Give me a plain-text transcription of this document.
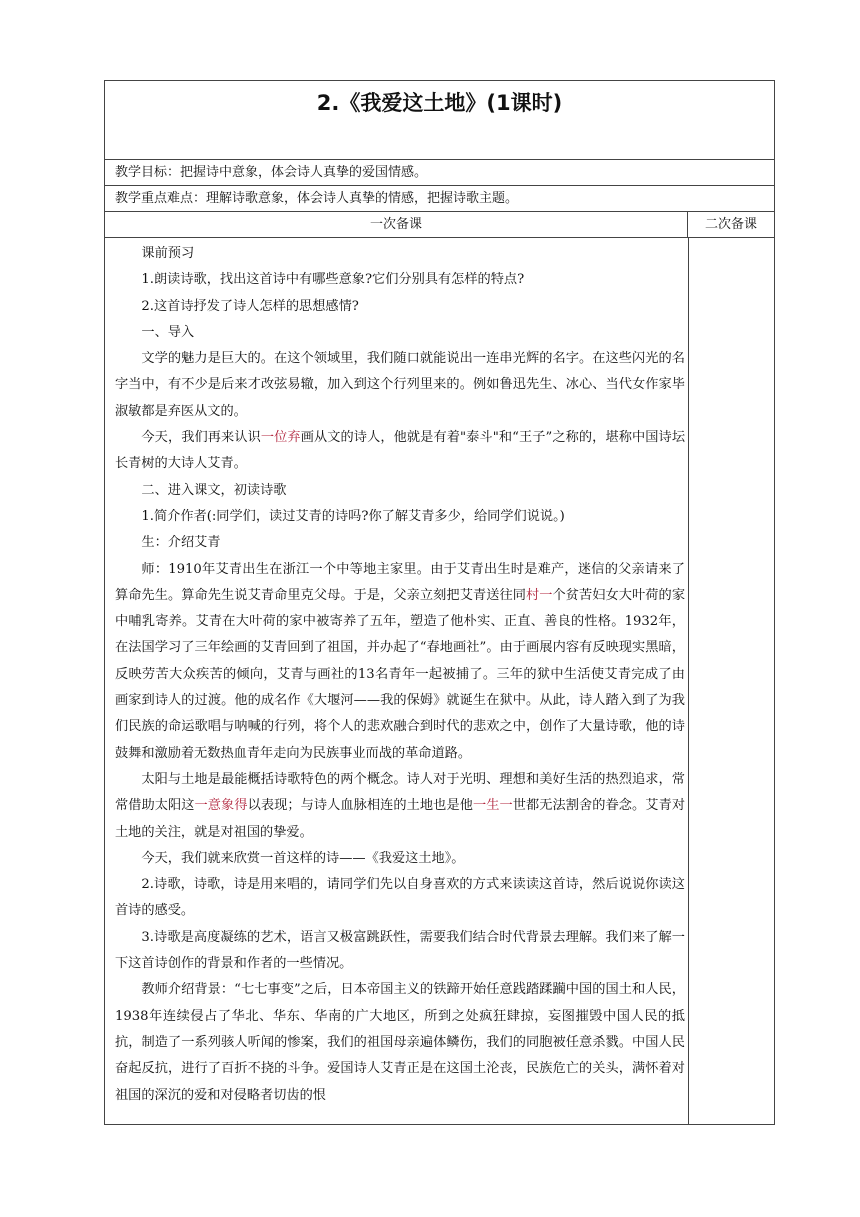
2.《我爱这土地》(1课时)
教学目标：把握诗中意象，体会诗人真挚的爱国情感。
教学重点难点：理解诗歌意象，体会诗人真挚的情感，把握诗歌主题。
一次备课	二次备课

课前预习

1.朗读诗歌，找出这首诗中有哪些意象?它们分别具有怎样的特点?

2.这首诗抒发了诗人怎样的思想感情?

一、导入

文学的魅力是巨大的。在这个领域里，我们随口就能说出一连串光辉的名字。在这些闪光的名字当中，有不少是后来才改弦易辙，加入到这个行列里来的。例如鲁迅先生、冰心、当代女作家毕淑敏都是弃医从文的。

今天，我们再来认识一位弃画从文的诗人，他就是有着"泰斗"和“王子”之称的，堪称中国诗坛长青树的大诗人艾青。

二、进入课文，初读诗歌

1.简介作者(:同学们，读过艾青的诗吗?你了解艾青多少，给同学们说说。)

生：介绍艾青

师：1910年艾青出生在浙江一个中等地主家里。由于艾青出生时是难产，迷信的父亲请来了算命先生。算命先生说艾青命里克父母。于是，父亲立刻把艾青送往同村一个贫苦妇女大叶荷的家中哺乳寄养。艾青在大叶荷的家中被寄养了五年，塑造了他朴实、正直、善良的性格。1932年，在法国学习了三年绘画的艾青回到了祖国，并办起了“春地画社”。由于画展内容有反映现实黑暗，反映劳苦大众疾苦的倾向，艾青与画社的13名青年一起被捕了。三年的狱中生活使艾青完成了由画家到诗人的过渡。他的成名作《大堰河——我的保姆》就诞生在狱中。从此，诗人踏入到了为我们民族的命运歌唱与呐喊的行列，将个人的悲欢融合到时代的悲欢之中，创作了大量诗歌，他的诗鼓舞和激励着无数热血青年走向为民族事业而战的革命道路。

太阳与土地是最能概括诗歌特色的两个概念。诗人对于光明、理想和美好生活的热烈追求，常常借助太阳这一意象得以表现；与诗人血脉相连的土地也是他一生一世都无法割舍的眷念。艾青对土地的关注，就是对祖国的挚爱。

今天，我们就来欣赏一首这样的诗——《我爱这土地》。

2.诗歌，诗歌，诗是用来唱的，请同学们先以自身喜欢的方式来读读这首诗，然后说说你读这首诗的感受。

3.诗歌是高度凝练的艺术，语言又极富跳跃性，需要我们结合时代背景去理解。我们来了解一下这首诗创作的背景和作者的一些情况。

教师介绍背景：“七七事变”之后，日本帝国主义的铁蹄开始任意践踏蹂躏中国的国土和人民，1938年连续侵占了华北、华东、华南的广大地区，所到之处疯狂肆掠，妄图摧毁中国人民的抵抗，制造了一系列骇人听闻的惨案，我们的祖国母亲遍体鳞伤，我们的同胞被任意杀戮。中国人民奋起反抗，进行了百折不挠的斗争。爱国诗人艾青正是在这国土沦丧，民族危亡的关头，满怀着对祖国的深沉的爱和对侵略者切齿的恨
